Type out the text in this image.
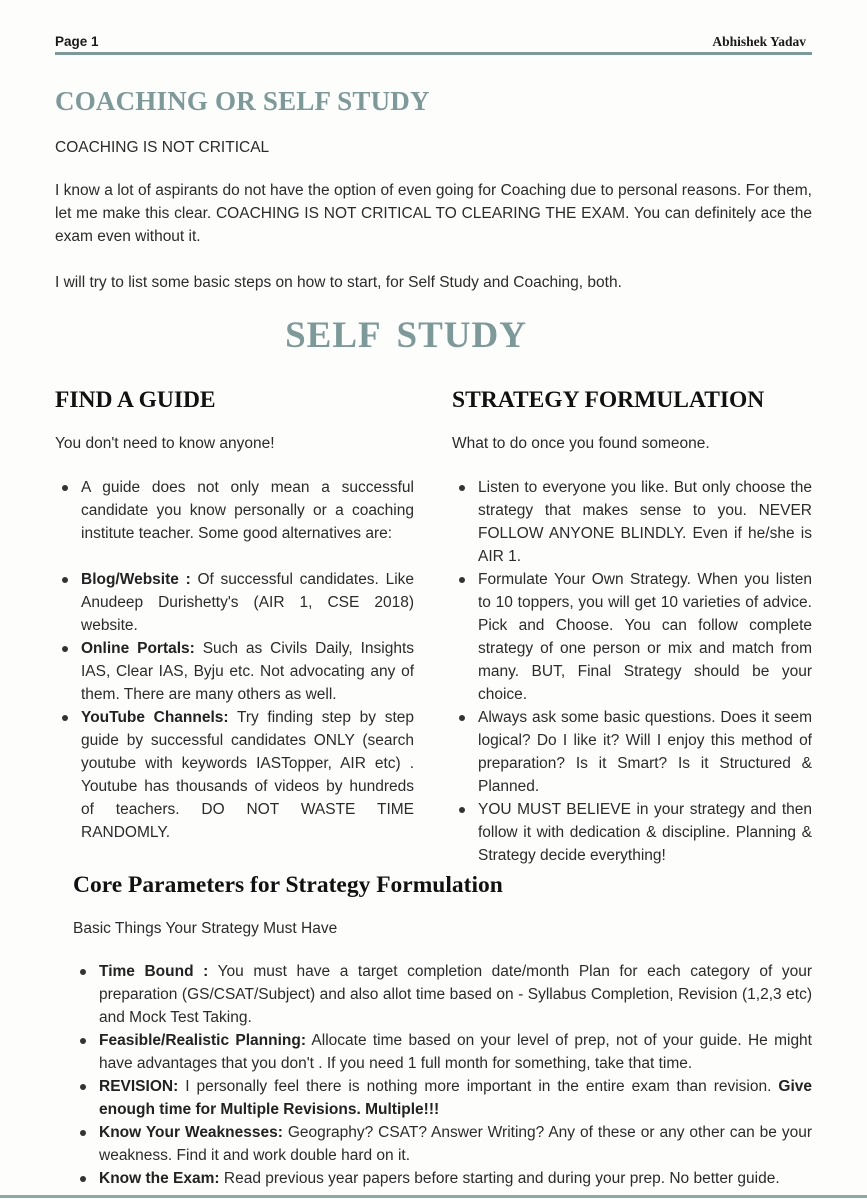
Page 1	Abhishek Yadav
COACHING OR SELF STUDY

COACHING IS NOT CRITICAL

I know a lot of aspirants do not have the option of even going for Coaching due to personal reasons. For them, let me make this clear. COACHING IS NOT CRITICAL TO CLEARING THE EXAM. You can definitely ace the exam even without it.

I will try to list some basic steps on how to start, for Self Study and Coaching, both.

SELF STUDY
FIND A GUIDE

You don't need to know anyone!

A guide does not only mean a successful candidate you know personally or a coaching institute teacher. Some good alternatives are:
Blog/Website : Of successful candidates. Like Anudeep Durishetty's (AIR 1, CSE 2018) website.
Online Portals: Such as Civils Daily, Insights IAS, Clear IAS, Byju etc. Not advocating any of them. There are many others as well.
YouTube Channels: Try finding step by step guide by successful candidates ONLY (search youtube with keywords IASTopper, AIR etc) . Youtube has thousands of videos by hundreds of teachers. DO NOT WASTE TIME RANDOMLY.
STRATEGY FORMULATION

What to do once you found someone.

Listen to everyone you like. But only choose the strategy that makes sense to you. NEVER FOLLOW ANYONE BLINDLY. Even if he/she is AIR 1.
Formulate Your Own Strategy. When you listen to 10 toppers, you will get 10 varieties of advice. Pick and Choose. You can follow complete strategy of one person or mix and match from many. BUT, Final Strategy should be your choice.
Always ask some basic questions. Does it seem logical? Do I like it? Will I enjoy this method of preparation? Is it Smart? Is it Structured & Planned.
YOU MUST BELIEVE in your strategy and then follow it with dedication & discipline. Planning & Strategy decide everything!
Core Parameters for Strategy Formulation

Basic Things Your Strategy Must Have

Time Bound : You must have a target completion date/month Plan for each category of your preparation (GS/CSAT/Subject) and also allot time based on - Syllabus Completion, Revision (1,2,3 etc) and Mock Test Taking.
Feasible/Realistic Planning: Allocate time based on your level of prep, not of your guide. He might have advantages that you don't . If you need 1 full month for something, take that time.
REVISION: I personally feel there is nothing more important in the entire exam than revision. Give enough time for Multiple Revisions. Multiple!!!
Know Your Weaknesses: Geography? CSAT? Answer Writing? Any of these or any other can be your weakness. Find it and work double hard on it.
Know the Exam: Read previous year papers before starting and during your prep. No better guide.
